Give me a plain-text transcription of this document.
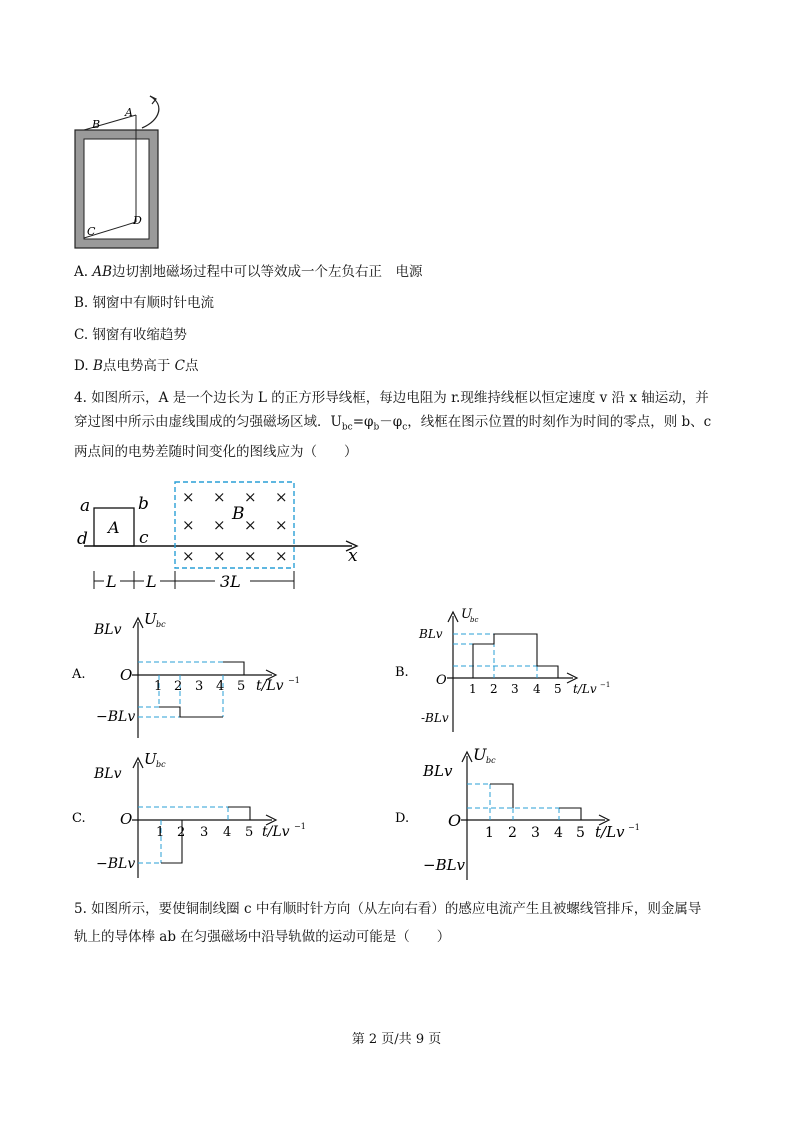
B
A
C
D
A. AB边切割地磁场过程中可以等效成一个左负右正　电源
B. 钢窗中有顺时针电流
C. 钢窗有收缩趋势
D. B点电势高于 C点
4. 如图所示，A 是一个边长为 L 的正方形导线框，每边电阻为 r.现维持线框以恒定速度 v 沿 x 轴运动，并
穿过图中所示由虚线围成的匀强磁场区域．$U_{bc}=\varphi_b-\varphi_c$，线框在图示位置的时刻作为时间的零点，则 b、c
两点间的电势差随时间变化的图线应为（　　）
× × × ×
× × × ×
× × × ×
B
a	b
c
d
A
x
L L	3L
A.
U bc
BLv
−BLv
O
1 2 3 4 5 t/Lv −1
B.
U
bc
BLv
-BLv
O
1 2 3 4 5 t/Lv −1
C.
U bc
BLv
−BLv
O
1 2 3 4 5 t/Lv −1
D.
U bc
BLv
−BLv
O
1 2 3 4 5 t/Lv −1
5. 如图所示，要使铜制线圈 c 中有顺时针方向（从左向右看）的感应电流产生且被螺线管排斥，则金属导
轨上的导体棒 ab 在匀强磁场中沿导轨做的运动可能是（　　）
第 2 页/共 9 页
